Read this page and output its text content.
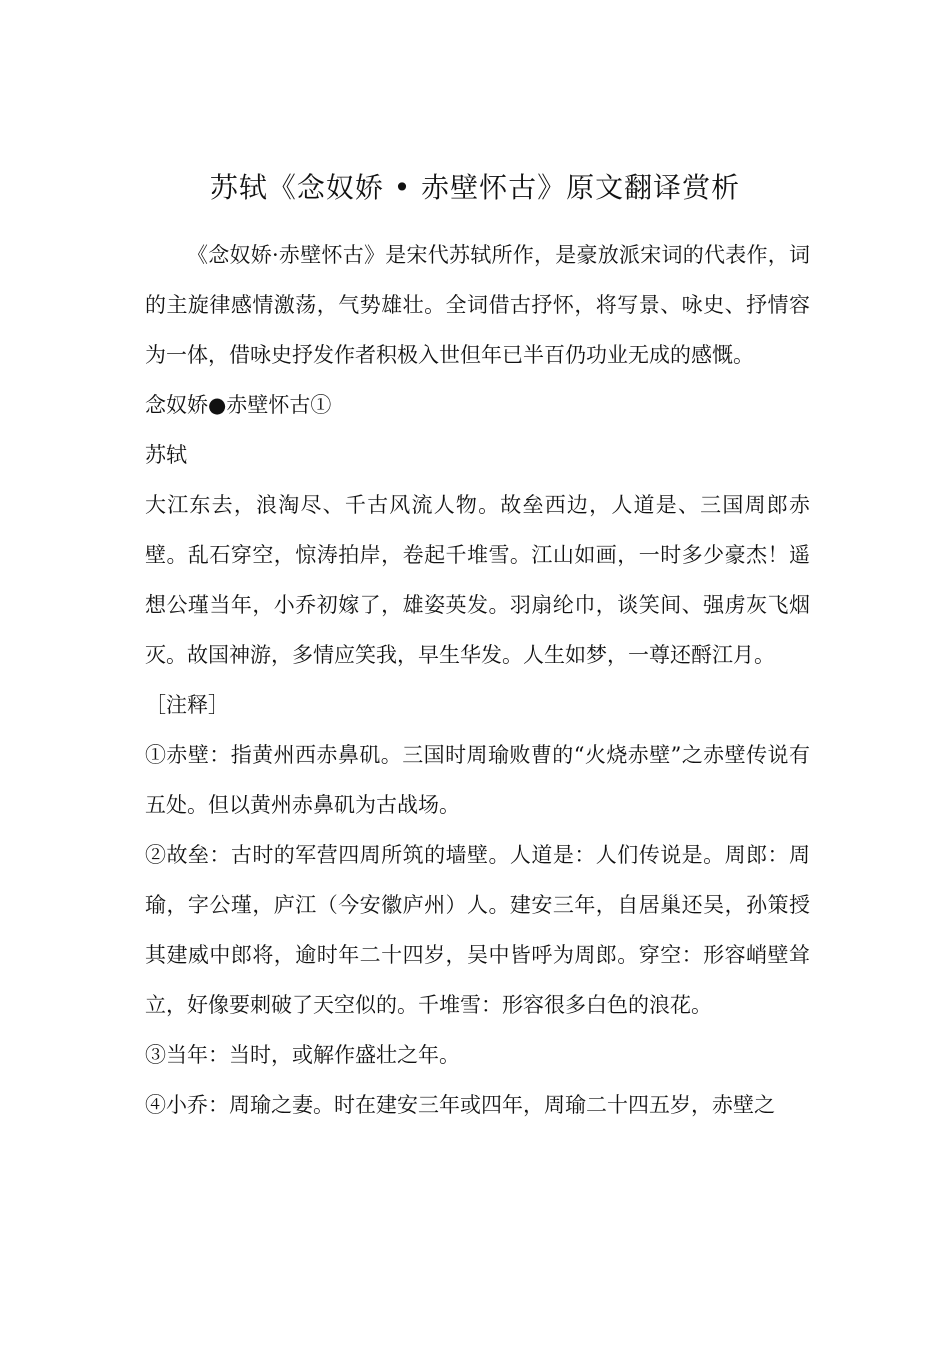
苏轼《念奴娇 • 赤壁怀古》原文翻译赏析

《念奴娇·赤壁怀古》是宋代苏轼所作，是豪放派宋词的代表作，词的主旋律感情激荡，气势雄壮。全词借古抒怀，将写景、咏史、抒情容为一体，借咏史抒发作者积极入世但年已半百仍功业无成的感慨。

念奴娇●赤壁怀古①

苏轼

大江东去，浪淘尽、千古风流人物。故垒西边，人道是、三国周郎赤壁。乱石穿空，惊涛拍岸，卷起千堆雪。江山如画，一时多少豪杰！遥想公瑾当年，小乔初嫁了，雄姿英发。羽扇纶巾，谈笑间、强虏灰飞烟灭。故国神游，多情应笑我，早生华发。人生如梦，一尊还酹江月。

［注释］

①赤壁：指黄州西赤鼻矶。三国时周瑜败曹的“火烧赤壁”之赤壁传说有五处。但以黄州赤鼻矶为古战场。

②故垒：古时的军营四周所筑的墙壁。人道是：人们传说是。周郎：周瑜，字公瑾，庐江（今安徽庐州）人。建安三年，自居巢还吴，孙策授其建威中郎将，逾时年二十四岁，吴中皆呼为周郎。穿空：形容峭壁耸立，好像要刺破了天空似的。千堆雪：形容很多白色的浪花。

③当年：当时，或解作盛壮之年。

④小乔：周瑜之妻。时在建安三年或四年，周瑜二十四五岁，赤壁之
